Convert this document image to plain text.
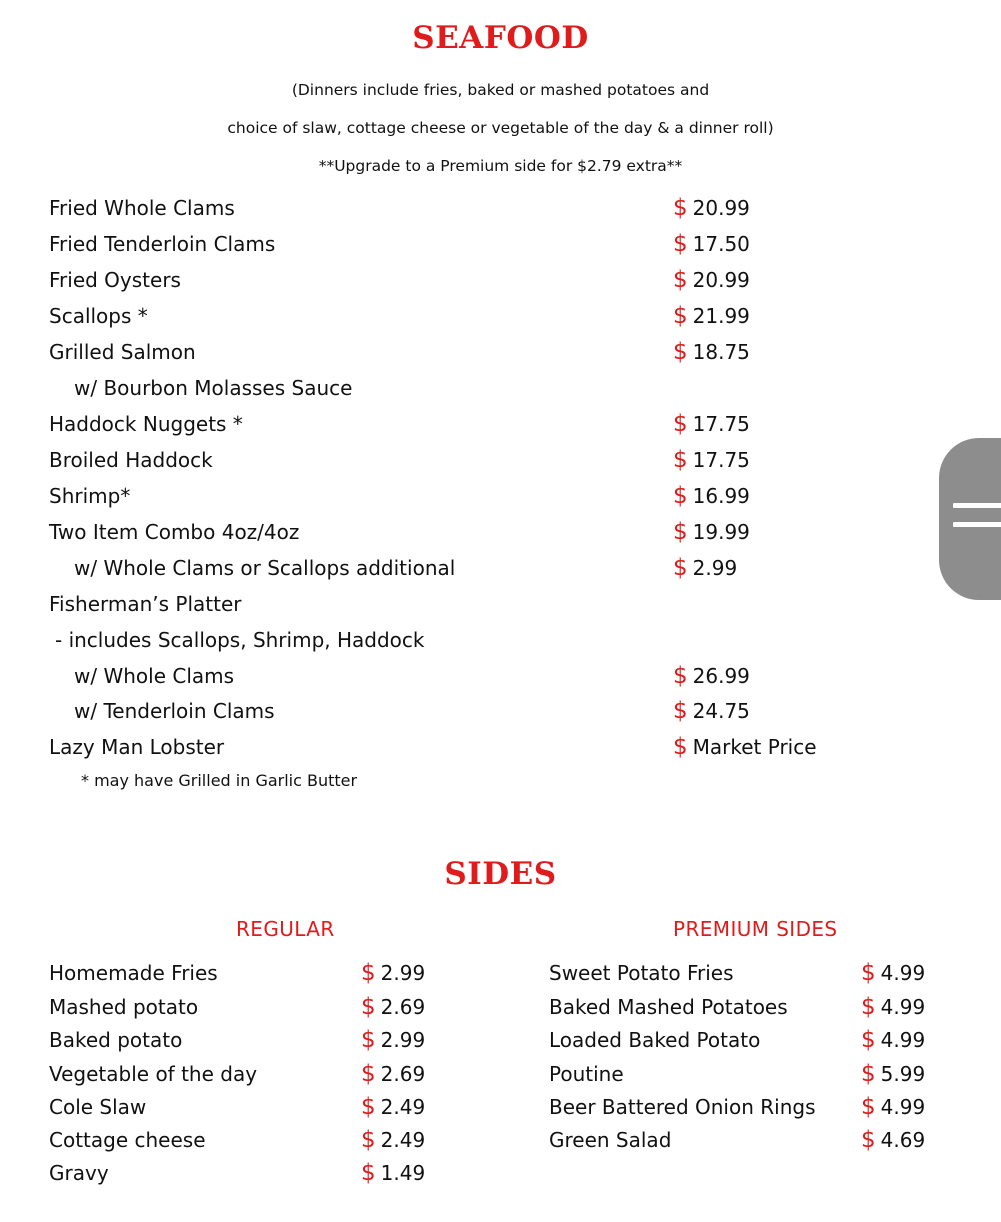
SEAFOOD
(Dinners include fries, baked or mashed potatoes and
choice of slaw, cottage cheese or vegetable of the day & a dinner roll)
**Upgrade to a Premium side for $2.79 extra**
Fried Whole Clams	$ 20.99
Fried Tenderloin Clams	$ 17.50
Fried Oysters	$ 20.99
Scallops *	$ 21.99
Grilled Salmon	$ 18.75
w/ Bourbon Molasses Sauce
Haddock Nuggets *	$ 17.75
Broiled Haddock	$ 17.75
Shrimp*	$ 16.99
Two Item Combo 4oz/4oz	$ 19.99
w/ Whole Clams or Scallops additional	$ 2.99
Fisherman’s Platter
- includes Scallops, Shrimp, Haddock
w/ Whole Clams	$ 26.99
w/ Tenderloin Clams	$ 24.75
Lazy Man Lobster	$ Market Price
* may have Grilled in Garlic Butter
SIDES
REGULAR	PREMIUM SIDES
Homemade Fries	$ 2.99
Mashed potato	$ 2.69
Baked potato	$ 2.99
Vegetable of the day	$ 2.69
Cole Slaw	$ 2.49
Cottage cheese	$ 2.49
Gravy	$ 1.49
Sweet Potato Fries	$ 4.99
Baked Mashed Potatoes	$ 4.99
Loaded Baked Potato	$ 4.99
Poutine	$ 5.99
Beer Battered Onion Rings $ 4.99
Green Salad	$ 4.69
